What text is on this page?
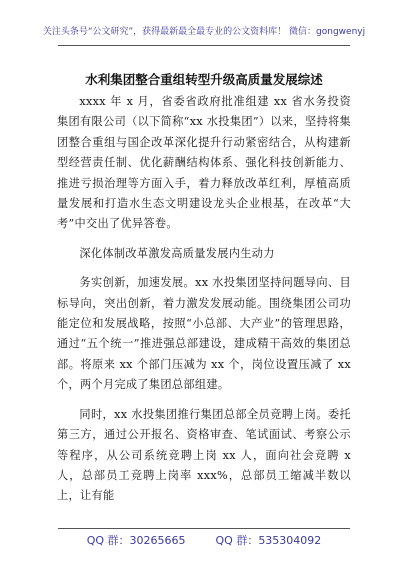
关注头条号“公文研究”，获得最新最全最专业的公文资料库！ 微信：gongwenyj
水利集团整合重组转型升级高质量发展综述

xxxx 年 x 月，省委省政府批准组建 xx 省水务投资集团有限公司（以下简称“xx 水投集团”）以来，坚持将集团整合重组与国企改革深化提升行动紧密结合，从构建新型经营责任制、优化薪酬结构体系、强化科技创新能力、推进亏损治理等方面入手，着力释放改革红利，厚植高质量发展和打造水生态文明建设龙头企业根基，在改革“大考”中交出了优异答卷。

深化体制改革激发高质量发展内生动力

务实创新，加速发展。xx 水投集团坚持问题导向、目标导向，突出创新，着力激发发展动能。围绕集团公司功能定位和发展战略，按照“小总部、大产业”的管理思路，通过“五个统一”推进强总部建设，建成精干高效的集团总部。将原来 xx 个部门压减为 xx 个，岗位设置压减了 xx 个，两个月完成了集团总部组建。

同时，xx 水投集团推行集团总部全员竞聘上岗。委托第三方，通过公开报名、资格审查、笔试面试、考察公示等程序，从公司系统竞聘上岗 xx 人，面向社会竞聘 x 人，总部员工竞聘上岗率 xxx%，总部员工缩减半数以上，让有能

QQ 群：30265665	QQ 群：535304092
